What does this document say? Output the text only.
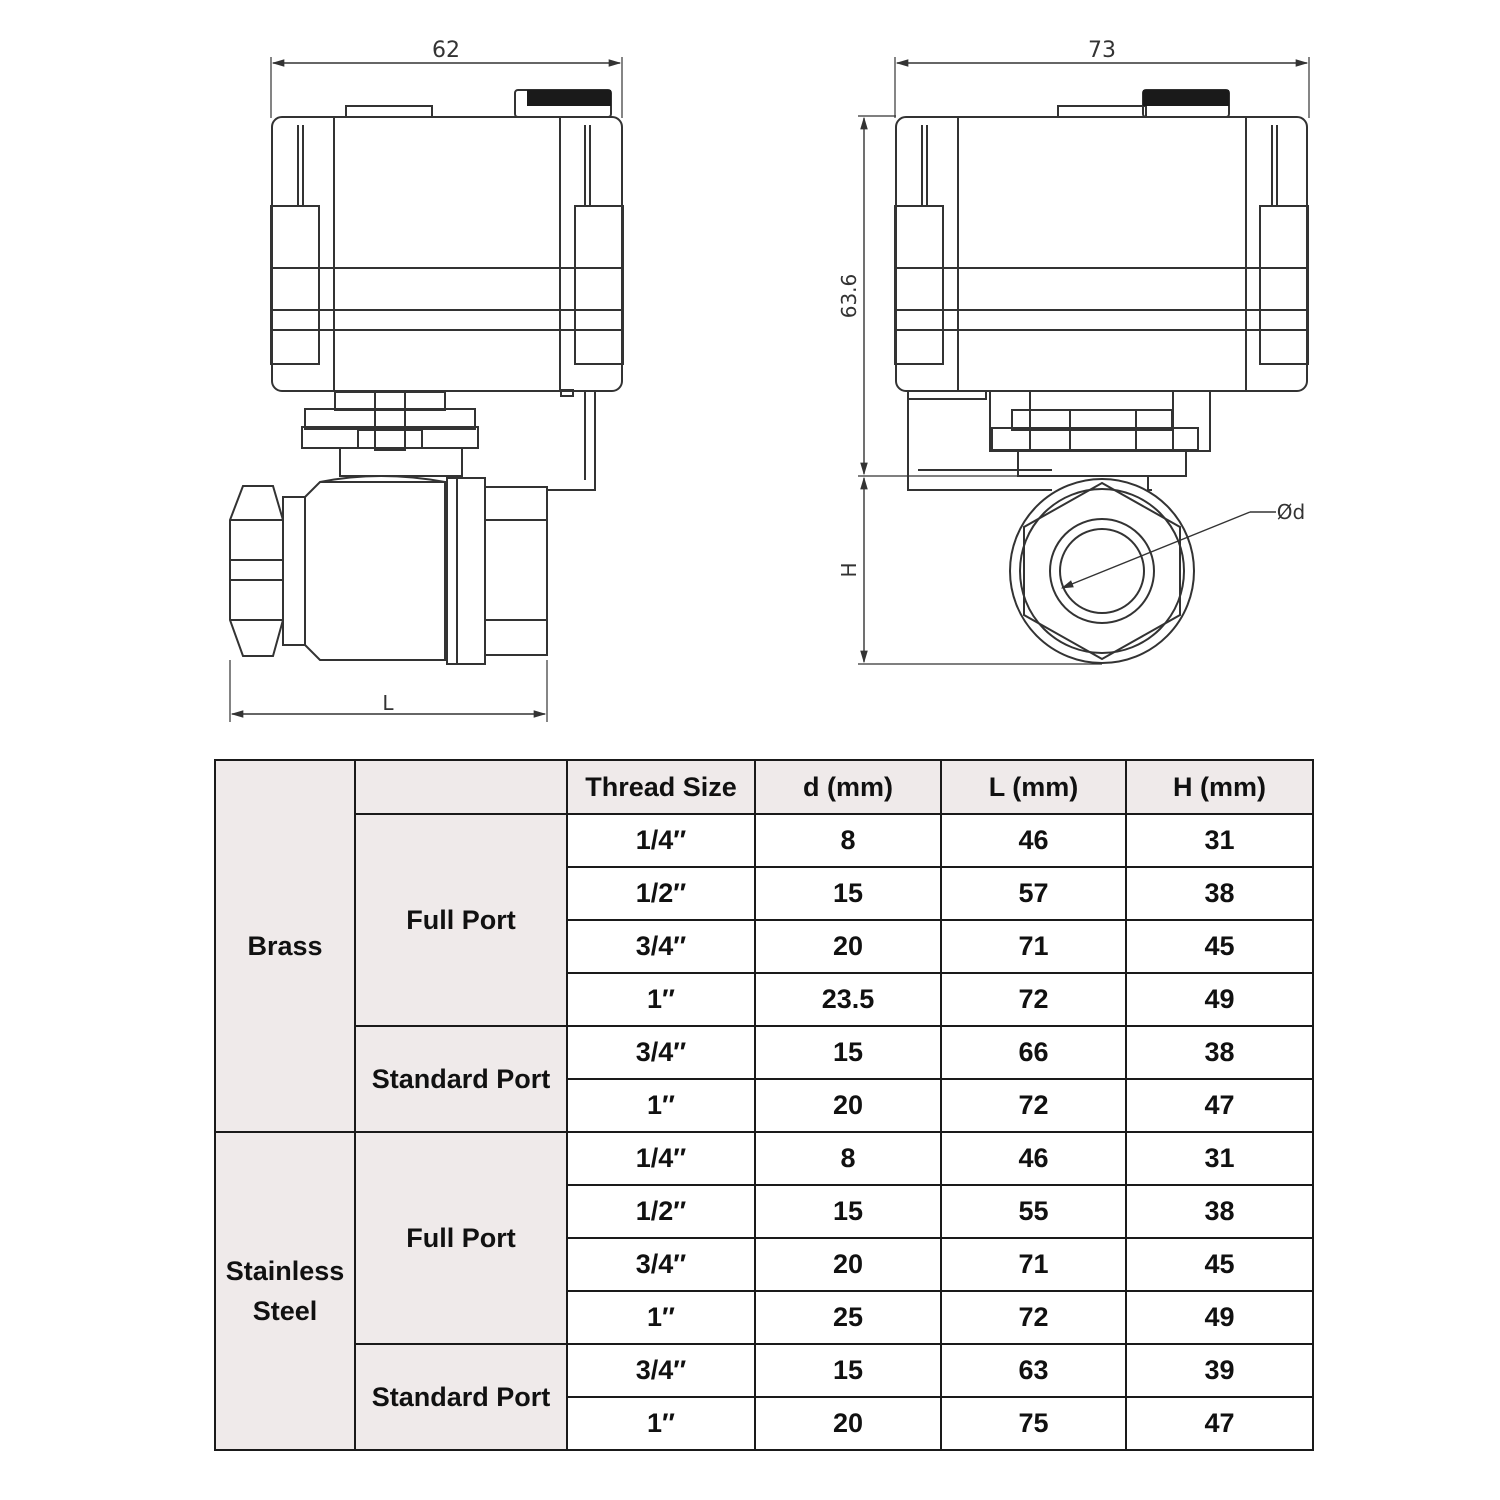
62
L
73
63.6
H
Ød
Brass		Thread Size	d (mm)	L (mm)	H (mm)
	Full Port	1/4″	8	46	31
		1/2″	15	57	38
		3/4″	20	71	45
		1″	23.5	72	49
	Standard Port	3/4″	15	66	38
		1″	20	72	47
Stainless Steel	Full Port	1/4″	8	46	31
		1/2″	15	55	38
		3/4″	20	71	45
		1″	25	72	49
	Standard Port	3/4″	15	63	39
		1″	20	75	47
